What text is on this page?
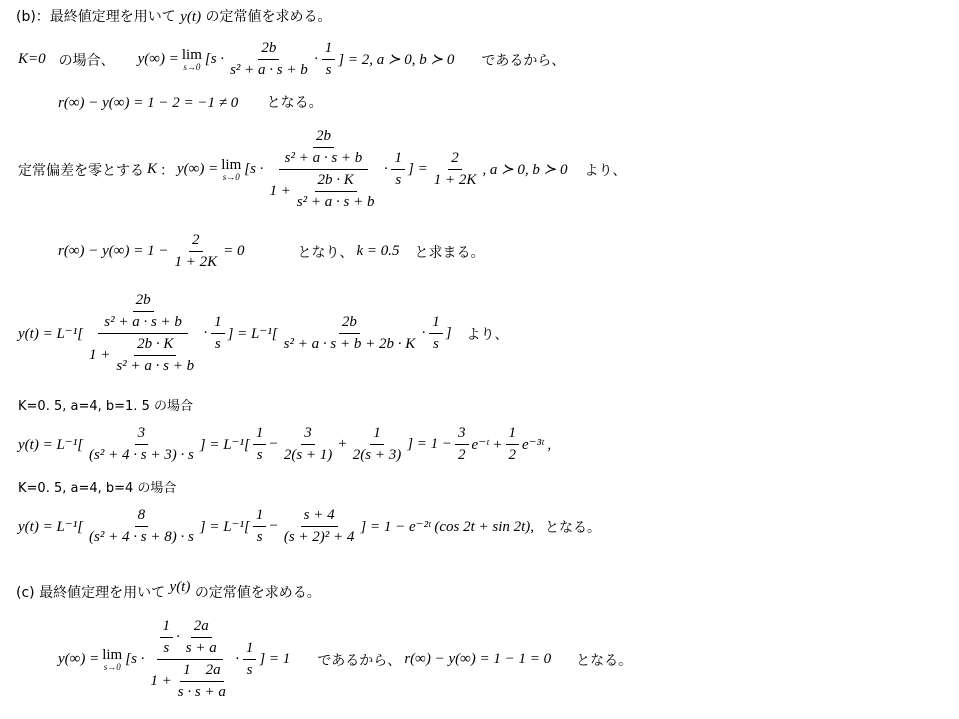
(b)：最終値定理を用いて y(t) の定常値を求める。
K=0 の場合、 y(∞) = lim
s→0 [$s \cdot \frac{2b}{\text{s² + a · s + b}} \cdot \frac{1}{s}$ ] = 2, a ≻ 0, b ≻ 0 であるから、
r(∞) − y(∞) = 1 − 2 = −1 ≠ 0 となる。
定常偏差を零とする K ： y(∞) = lim
s→0 [$s \cdot \frac{\frac{2b}{\text{s² + a · s + b}}}{1 + \frac{2b \cdot K}{\text{s² + a · s + b}}} \cdot \frac{1}{s}$ ] = $\frac{2}{1 + 2K}$ , a ≻ 0, b ≻ 0 より、
$r(\infty) - y(\infty) = 1 - \frac{2}{1 + 2K} = 0$	となり、 k = 0.5 と求まる。
$y(t) = L^{-1}[ \frac{\frac{2b}{\text{s² + a · s + b}}}{1 + \frac{2b \cdot K}{\text{s² + a · s + b}}} \cdot \frac{1}{s}$ ] = $L^{-1}[ \frac{2b}{\text{s² + a · s + b + 2b · K}} \cdot \frac{1}{s}$ ] より、
K=0. 5, a=4, b=1. 5 の場合
$y(t) = L^{-1}[ \frac{3}{\text{(s² + 4 · s + 3) · s}}$ ] = $L^{-1}[ \frac{1}{s} - \frac{3}{2(s + 1)} + \frac{1}{2(s + 3)}$ ] = $1 - \frac{3}{2}$ e⁻ᵗ + $\frac{1}{2}$ e⁻³ᵗ ,
K=0. 5, a=4, b=4 の場合
$y(t) = L^{-1}[ \frac{8}{\text{(s² + 4 · s + 8) · s}}$ ] = $L^{-1}[ \frac{1}{s} - \frac{s + 4}{\text{(s + 2)² + 4}}$ ] = 1 − e⁻²ᵗ (cos 2t + sin 2t), となる。
(c) 最終値定理を用いて y(t) の定常値を求める。
y(∞) = lim
s→0 [s ·
$\frac{1}{s} \cdot \frac{2a}{s + a}$
$1 + \frac{1 2a}{s \cdot s + a}$
· $\frac{1}{s}$ ] = 1 であるから、 r(∞) − y(∞) = 1 − 1 = 0 となる。
